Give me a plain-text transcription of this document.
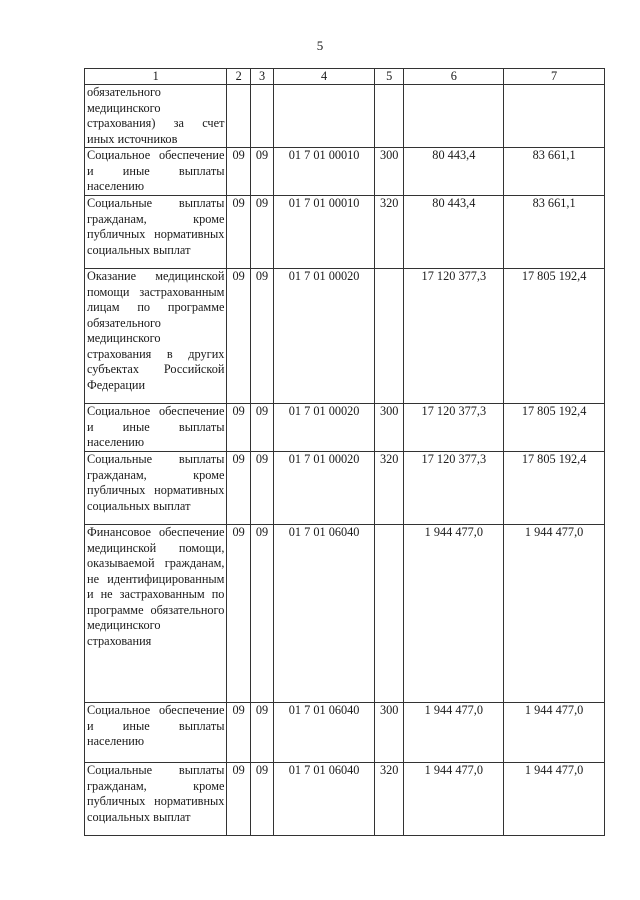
5
1	2	3	4	5	6	7
обязательного медицинского страхования) за счет иных источников						
Социальное обеспечение и иные выплаты населению	09	09	01 7 01 00010	300	80 443,4	83 661,1
Социальные выплаты гражданам, кроме публичных нормативных социальных выплат	09	09	01 7 01 00010	320	80 443,4	83 661,1
Оказание медицинской помощи застрахованным лицам по программе обязательного медицинского страхования в других субъектах Российской Федерации	09	09	01 7 01 00020		17 120 377,3	17 805 192,4
Социальное обеспечение и иные выплаты населению	09	09	01 7 01 00020	300	17 120 377,3	17 805 192,4
Социальные выплаты гражданам, кроме публичных нормативных социальных выплат	09	09	01 7 01 00020	320	17 120 377,3	17 805 192,4
Финансовое обеспечение медицинской помощи, оказываемой гражданам, не идентифицированным и не застрахованным по программе обязательного медицинского страхования	09	09	01 7 01 06040		1 944 477,0	1 944 477,0
Социальное обеспечение и иные выплаты населению	09	09	01 7 01 06040	300	1 944 477,0	1 944 477,0
Социальные выплаты гражданам, кроме публичных нормативных социальных выплат	09	09	01 7 01 06040	320	1 944 477,0	1 944 477,0
